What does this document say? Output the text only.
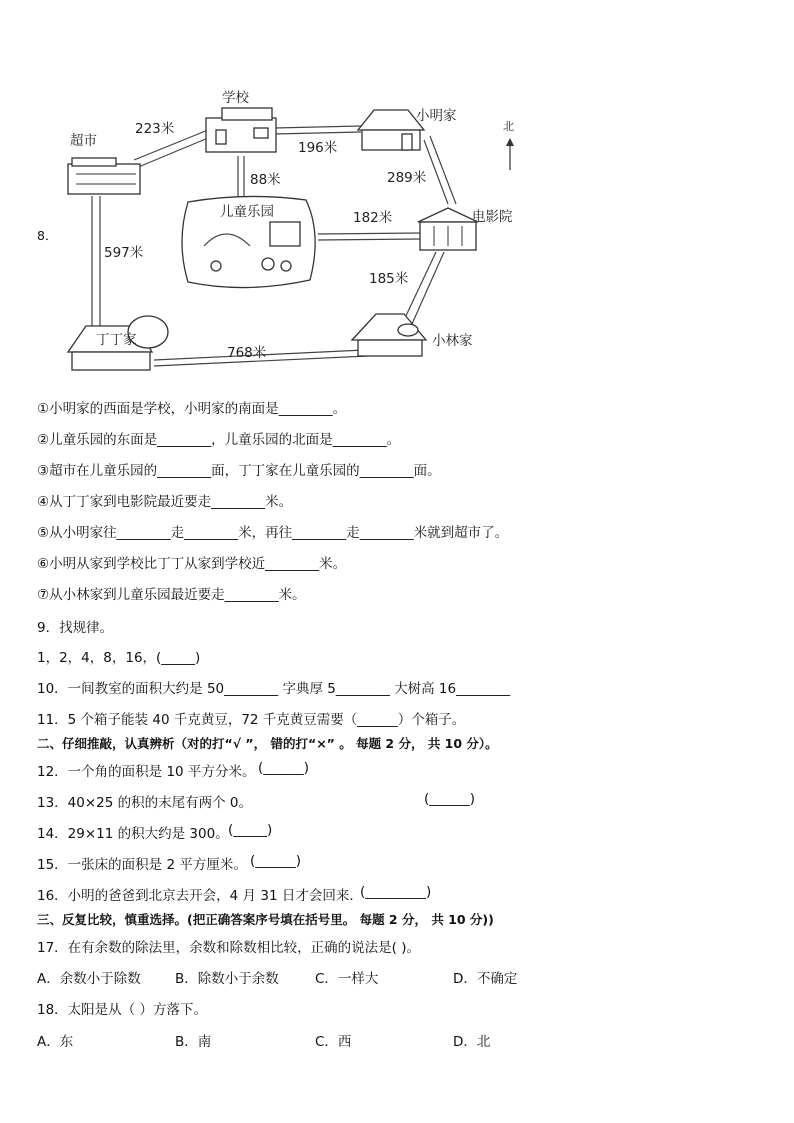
8．
学校
超市
小明家
电影院
儿童乐园
丁丁家	小林家
北
223米
196米
88米	289米
182米
597米
185米
768米
①小明家的西面是学校，小明家的南面是________。
②儿童乐园的东面是________，儿童乐园的北面是________。
③超市在儿童乐园的________面，丁丁家在儿童乐园的________面。
④从丁丁家到电影院最近要走________米。
⑤从小明家往________走________米，再往________走________米就到超市了。
⑥小明从家到学校比丁丁从家到学校近________米。
⑦从小林家到儿童乐园最近要走________米。
9．找规律。
1，2，4，8，16，(_____)
10．一间教室的面积大约是 50________ 字典厚 5________ 大树高 16________
11．5 个箱子能装 40 千克黄豆，72 千克黄豆需要（______）个箱子。
二、仔细推敲，认真辨析（对的打“√ ”， 错的打“×” 。 每题 2 分， 共 10 分）。
12．一个角的面积是 10 平方分米。 (______)
13．40×25 的积的末尾有两个 0。	(______)
14．29×11 的积大约是 300。 (_____)
15．一张床的面积是 2 平方厘米。 (______)
16．小明的爸爸到北京去开会，4 月 31 日才会回来．
(_________)
三、反复比较，慎重选择。(把正确答案序号填在括号里。 每题 2 分， 共 10 分))
17．在有余数的除法里，余数和除数相比较，正确的说法是( )。
A．余数小于除数	B．除数小于余数	C．一样大	D．不确定
18．太阳是从（ ）方落下。
A．东	B．南	C．西	D．北
